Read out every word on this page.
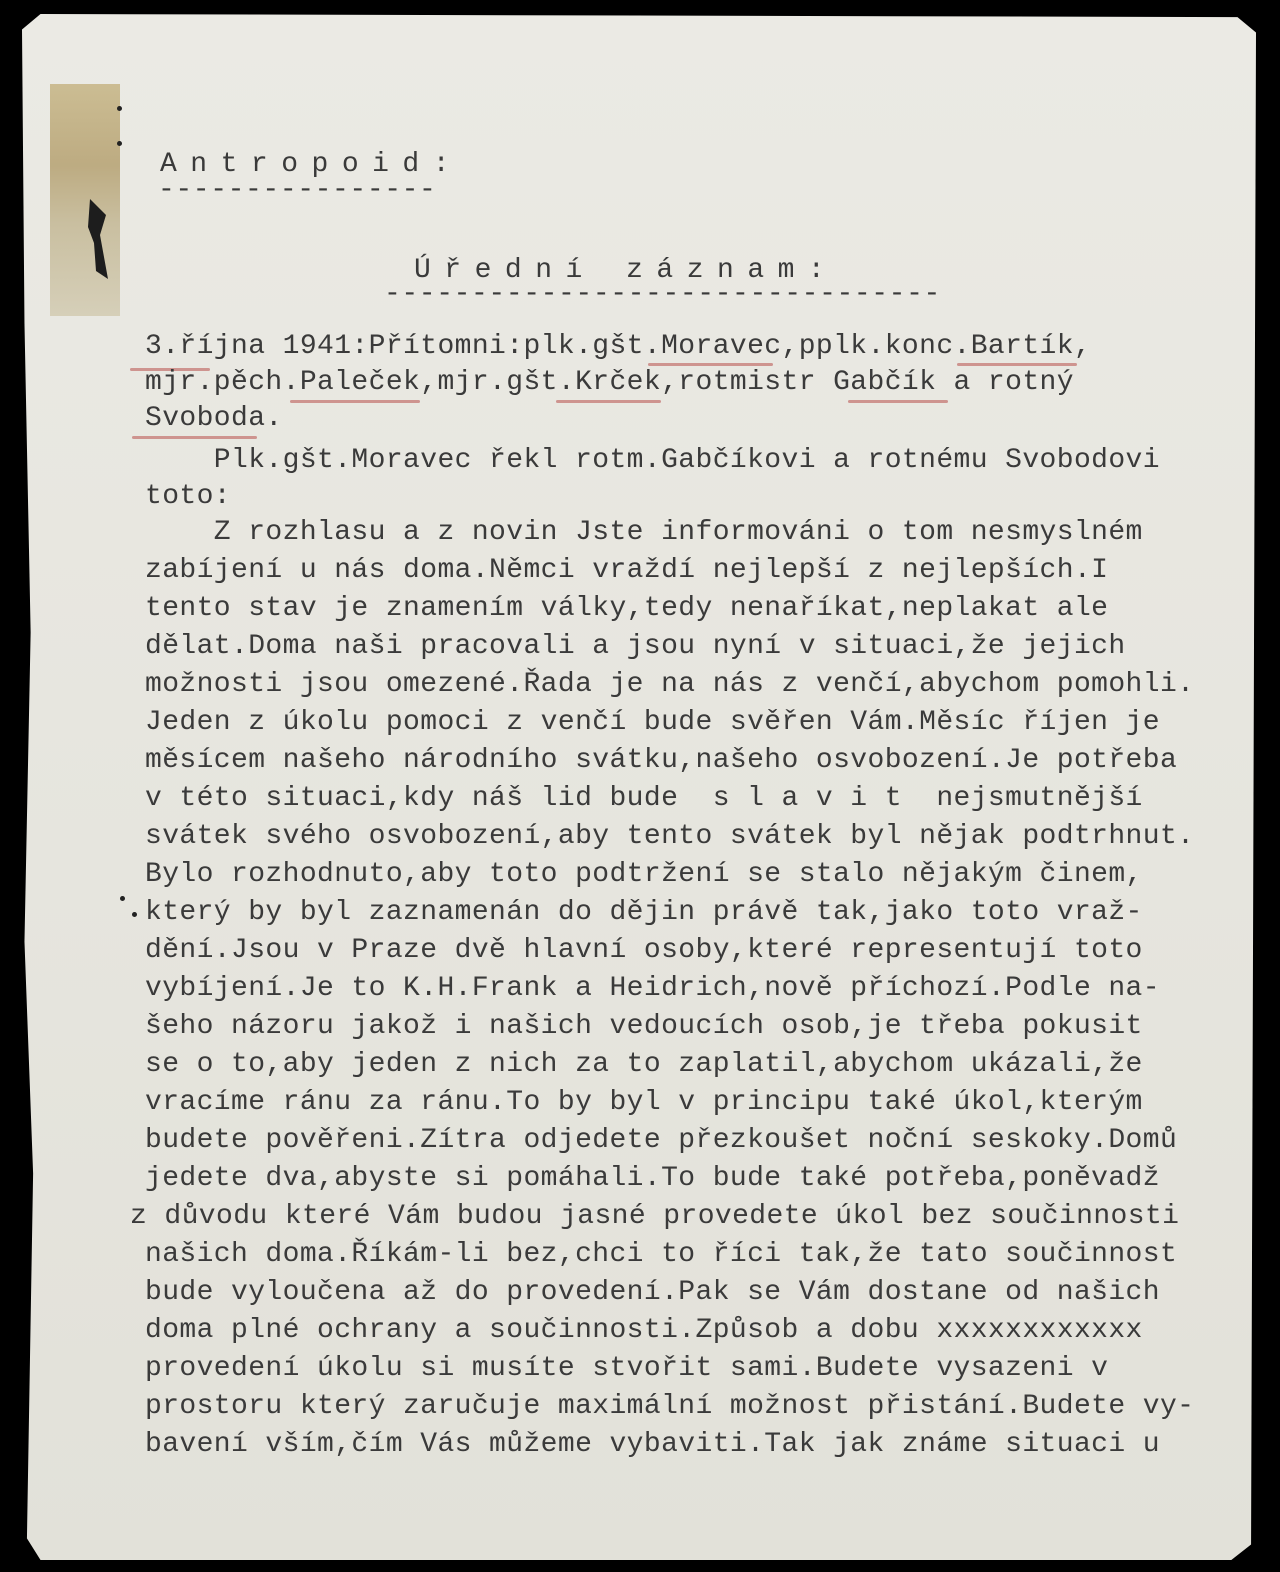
Antropoid:
----------------
Úřední záznam:
--------------------------------
3.října 1941:Přítomni:plk.gšt.Moravec,pplk.konc.Bartík,
mjr.pěch.Paleček,mjr.gšt.Krček,rotmistr Gabčík a rotný
Svoboda.
Plk.gšt.Moravec řekl rotm.Gabčíkovi a rotnému Svobodovi
toto:
Z rozhlasu a z novin Jste informováni o tom nesmyslném
zabíjení u nás doma.Němci vraždí nejlepší z nejlepších.I
tento stav je znamením války,tedy nenaříkat,neplakat ale
dělat.Doma naši pracovali a jsou nyní v situaci,že jejich
možnosti jsou omezené.Řada je na nás z venčí,abychom pomohli.
Jeden z úkolu pomoci z venčí bude svěřen Vám.Měsíc říjen je
měsícem našeho národního svátku,našeho osvobození.Je potřeba
v této situaci,kdy náš lid bude  s l a v i t  nejsmutnější
svátek svého osvobození,aby tento svátek byl nějak podtrhnut.
Bylo rozhodnuto,aby toto podtržení se stalo nějakým činem,
který by byl zaznamenán do dějin právě tak,jako toto vraž-
dění.Jsou v Praze dvě hlavní osoby,které representují toto
vybíjení.Je to K.H.Frank a Heidrich,nově příchozí.Podle na-
šeho názoru jakož i našich vedoucích osob,je třeba pokusit
se o to,aby jeden z nich za to zaplatil,abychom ukázali,že
vracíme ránu za ránu.To by byl v principu také úkol,kterým
budete pověřeni.Zítra odjedete přezkoušet noční seskoky.Domů
jedete dva,abyste si pomáhali.To bude také potřeba,poněvadž
z důvodu které Vám budou jasné provedete úkol bez součinnosti
našich doma.Říkám-li bez,chci to říci tak,že tato součinnost
bude vyloučena až do provedení.Pak se Vám dostane od našich
doma plné ochrany a součinnosti.Způsob a dobu xxxxxxxxxxxx
provedení úkolu si musíte stvořit sami.Budete vysazeni v
prostoru který zaručuje maximální možnost přistání.Budete vy-
bavení vším,čím Vás můžeme vybaviti.Tak jak známe situaci u
